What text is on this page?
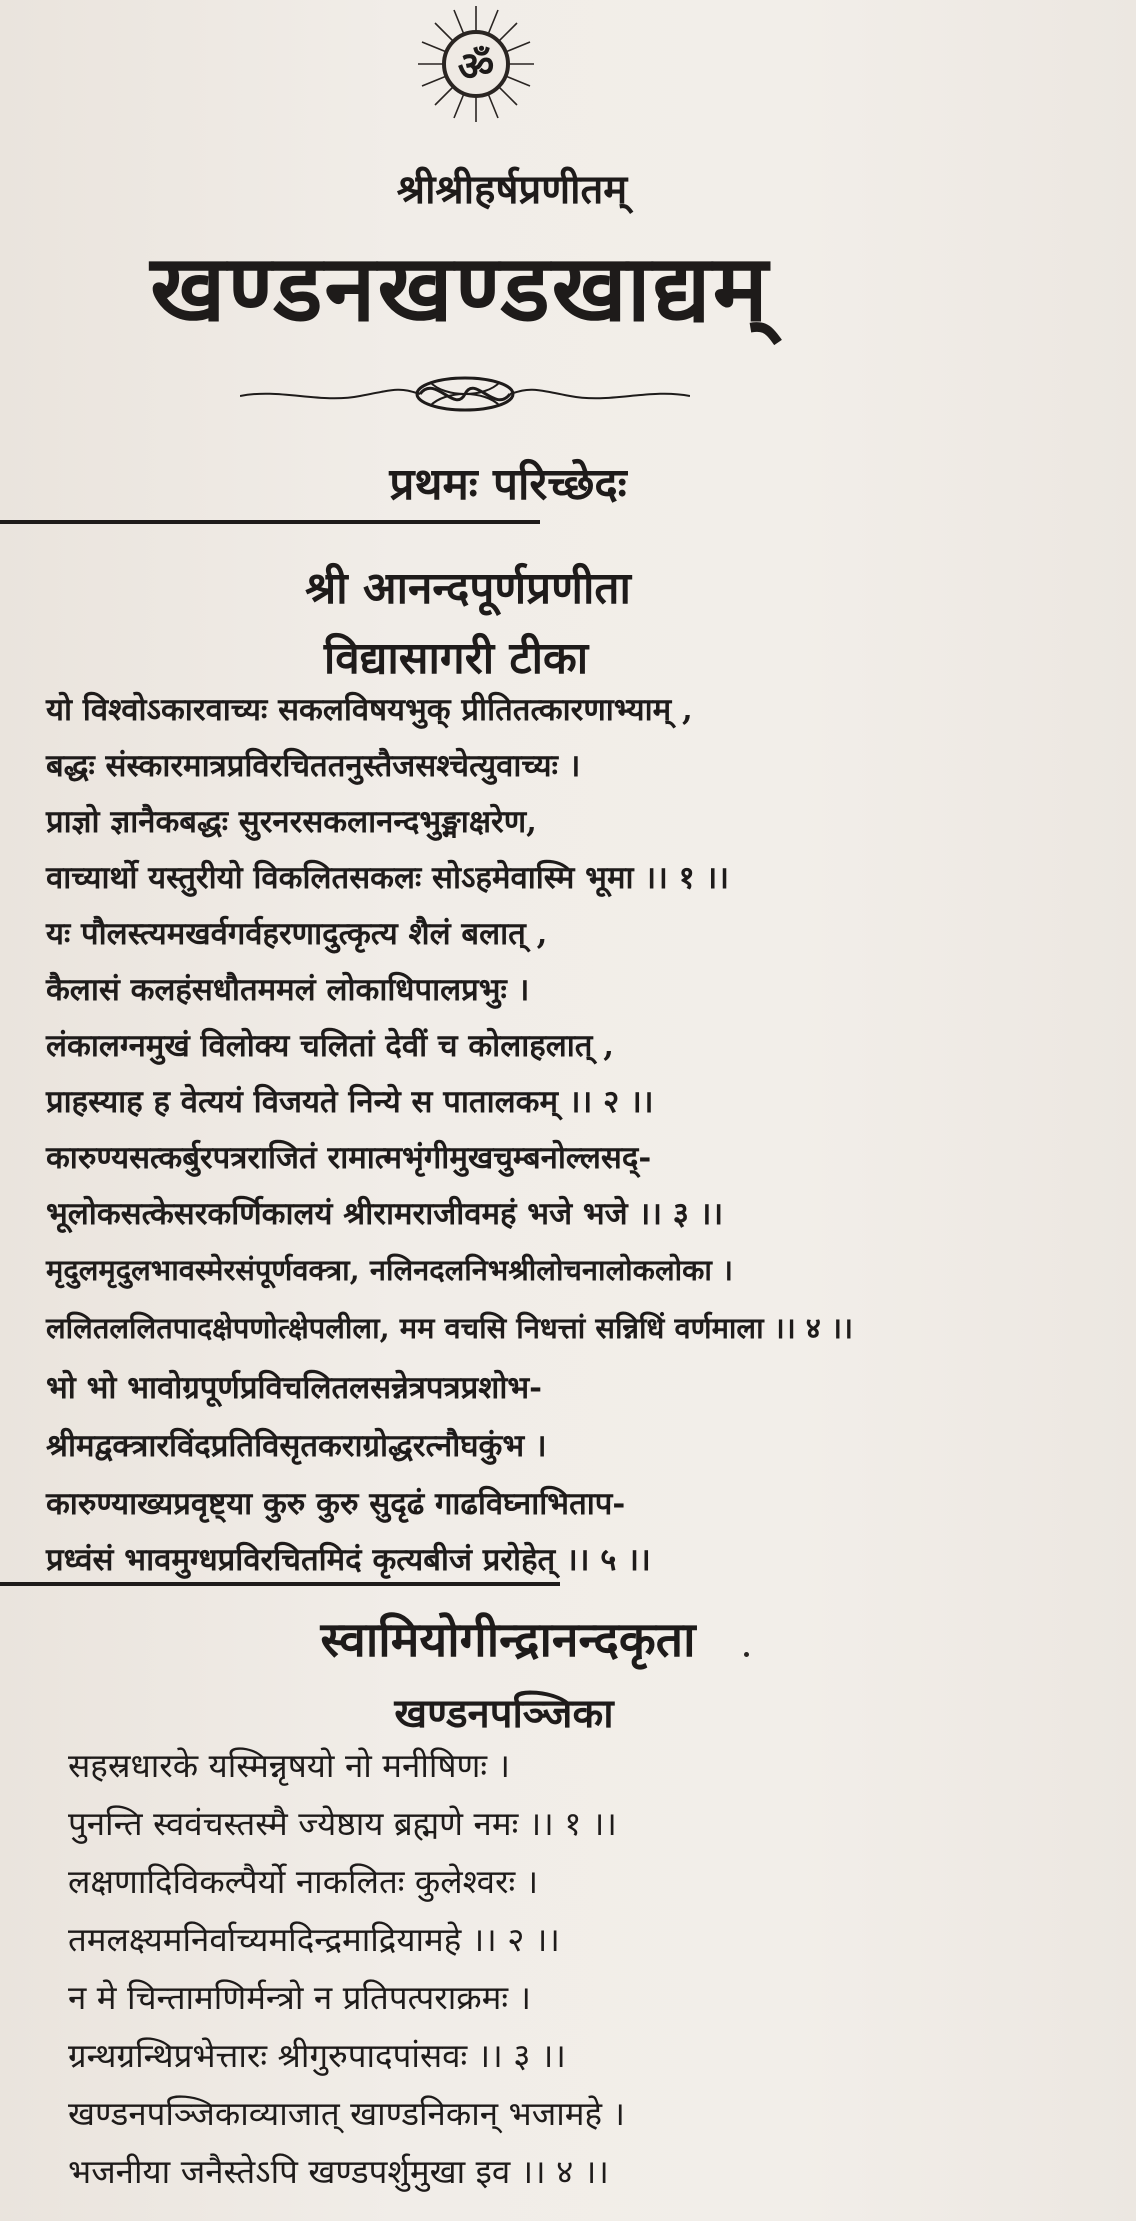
ॐ
श्रीश्रीहर्षप्रणीतम्
खण्डनखण्डखाद्यम्
प्रथमः परिच्छेदः
श्री आनन्दपूर्णप्रणीता
विद्यासागरी टीका
यो विश्वोऽकारवाच्यः सकलविषयभुक् प्रीतितत्कारणाभ्याम् ,
बद्धः संस्कारमात्रप्रविरचिततनुस्तैजसश्चेत्युवाच्यः ।
प्राज्ञो ज्ञानैकबद्धः सुरनरसकलानन्दभुङ्माक्षरेण,
वाच्यार्थो यस्तुरीयो विकलितसकलः सोऽहमेवास्मि भूमा ।। १ ।।
यः पौलस्त्यमखर्वगर्वहरणादुत्कृत्य शैलं बलात् ,
कैलासं कलहंसधौतममलं लोकाधिपालप्रभुः ।
लंकालग्नमुखं विलोक्य चलितां देवीं च कोलाहलात् ,
प्राहस्याह ह वेत्ययं विजयते निन्ये स पातालकम् ।। २ ।।
कारुण्यसत्कर्बुरपत्रराजितं रामात्मभृंगीमुखचुम्बनोल्लसद्-
भूलोकसत्केसरकर्णिकालयं श्रीरामराजीवमहं भजे भजे ।। ३ ।।
मृदुलमृदुलभावस्मेरसंपूर्णवक्त्रा, नलिनदलनिभश्रीलोचनालोकलोका ।
ललितललितपादक्षेपणोत्क्षेपलीला, मम वचसि निधत्तां सन्निधिं वर्णमाला ।। ४ ।।
भो भो भावोग्रपूर्णप्रविचलितलसन्नेत्रपत्रप्रशोभ-
श्रीमद्वक्त्रारविंदप्रतिविसृतकराग्रोद्धरत्नौघकुंभ ।
कारुण्याख्यप्रवृष्ट्या कुरु कुरु सुदृढं गाढविघ्नाभिताप-
प्रध्वंसं भावमुग्धप्रविरचितमिदं कृत्यबीजं प्ररोहेत् ।। ५ ।।
स्वामियोगीन्द्रानन्दकृता
खण्डनपञ्जिका
सहस्रधारके यस्मिन्नृषयो नो मनीषिणः ।
पुनन्ति स्ववंचस्तस्मै ज्येष्ठाय ब्रह्मणे नमः ।। १ ।।
लक्षणादिविकल्पैर्यो नाकलितः कुलेश्वरः ।
तमलक्ष्यमनिर्वाच्यमदिन्द्रमाद्रियामहे ।। २ ।।
न मे चिन्तामणिर्मन्त्रो न प्रतिपत्पराक्रमः ।
ग्रन्थग्रन्थिप्रभेत्तारः श्रीगुरुपादपांसवः ।। ३ ।।
खण्डनपञ्जिकाव्याजात् खाण्डनिकान् भजामहे ।
भजनीया जनैस्तेऽपि खण्डपर्शुमुखा इव ।। ४ ।।
